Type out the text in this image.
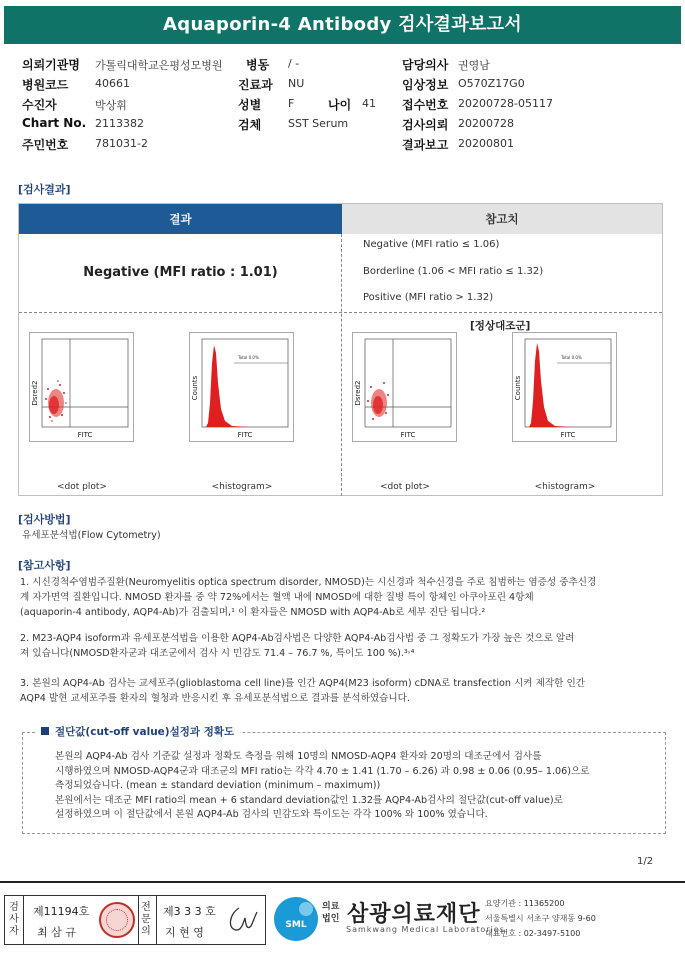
Aquaporin-4 Antibody 검사결과보고서
의뢰기관명 가톨릭대학교은평성모병원 병동 / -	담당의사 권영남
병원코드 40661	진료과 NU	임상정보 O570Z17G0
수진자	박상휘	성별 F	나이 41 접수번호 20200728-05117
Chart No. 2113382	검체 SST Serum	검사의뢰 20200728
주민번호 781031-2	결과보고 20200801
[검사결과]
결과	참고치
Negative (MFI ratio : 1.01)
Negative (MFI ratio ≤ 1.06)
Borderline (1.06 < MFI ratio ≤ 1.32)
Positive (MFI ratio > 1.32)
[정상대조군]
Dsred2
FITC
<dot plot>
Total 0.0%
Counts
FITC
<histogram>
Dsred2
FITC
<dot plot>
Total 0.0%
Counts
FITC
<histogram>
[검사방법]
유세포분석법(Flow Cytometry)
[참고사항]
1. 시신경척수염범주질환(Neuromyelitis optica spectrum disorder, NMOSD)는 시신경과 척수신경을 주로 침범하는 염증성 중추신경
계 자가면역 질환입니다. NMOSD 환자를 중 약 72%에서는 혈액 내에 NMOSD에 대한 질병 특이 항체인 아쿠아포린 4항체
(aquaporin-4 antibody, AQP4-Ab)가 검출되며,¹ 이 환자들은 NMOSD with AQP4-Ab로 세부 진단 됩니다.²
2. M23-AQP4 isoform과 유세포분석법을 이용한 AQP4-Ab검사법은 다양한 AQP4-Ab검사법 중 그 정확도가 가장 높은 것으로 알려
져 있습니다(NMOSD환자군과 대조군에서 검사 시 민감도 71.4 – 76.7 %, 특이도 100 %).³˒⁴
3. 본원의 AQP4-Ab 검사는 교세포주(glioblastoma cell line)를 인간 AQP4(M23 isoform) cDNA로 transfection 시켜 제작한 인간
AQP4 발현 교세포주를 환자의 혈청과 반응시킨 후 유세포분석법으로 결과를 분석하였습니다.
절단값(cut-off value)설정과 정확도
본원의 AQP4-Ab 검사 기준값 설정과 정확도 측정을 위해 10명의 NMOSD-AQP4 환자와 20명의 대조군에서 검사를
시행하였으며 NMOSD-AQP4군과 대조군의 MFI ratio는 각각 4.70 ± 1.41 (1.70 – 6.26) 과 0.98 ± 0.06 (0.95– 1.06)으로
측정되었습니다. (mean ± standard deviation (minimum – maximum))
본원에서는 대조군 MFI ratio의 mean + 6 standard deviation값인 1.32를 AQP4-Ab검사의 절단값(cut-off value)로
설정하였으며 이 절단값에서 본원 AQP4-Ab 검사의 민감도와 특이도는 각각 100% 와 100% 였습니다.
1/2
검사자
제11194호
최 삼 규
전문의
제3 3 3 호
지 현 영
SML
의료
법인 삼광의료재단
Samkwang Medical Laboratories
요양기관 : 11365200
서울특별시 서초구 양재동 9-60
대표번호 : 02-3497-5100
